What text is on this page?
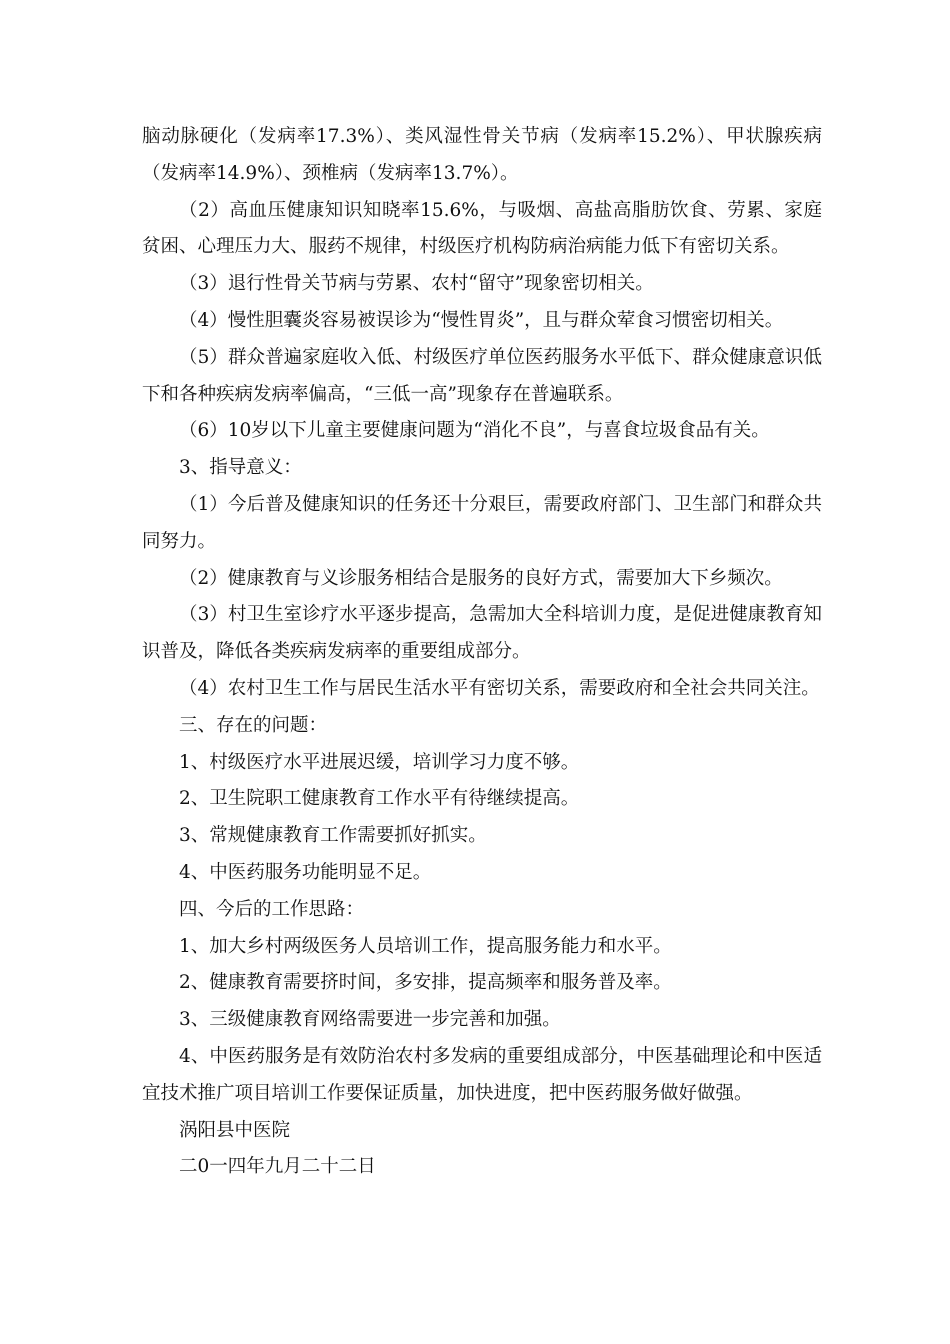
脑动脉硬化（发病率17.3%）、类风湿性骨关节病（发病率15.2%）、甲状腺疾病（发病率14.9%）、颈椎病（发病率13.7%）。

（2）高血压健康知识知晓率15.6%，与吸烟、高盐高脂肪饮食、劳累、家庭贫困、心理压力大、服药不规律，村级医疗机构防病治病能力低下有密切关系。

（3）退行性骨关节病与劳累、农村“留守”现象密切相关。

（4）慢性胆囊炎容易被误诊为“慢性胃炎”，且与群众荤食习惯密切相关。

（5）群众普遍家庭收入低、村级医疗单位医药服务水平低下、群众健康意识低下和各种疾病发病率偏高，“三低一高”现象存在普遍联系。

（6）10岁以下儿童主要健康问题为“消化不良”，与喜食垃圾食品有关。

3、指导意义：

（1）今后普及健康知识的任务还十分艰巨，需要政府部门、卫生部门和群众共同努力。

（2）健康教育与义诊服务相结合是服务的良好方式，需要加大下乡频次。

（3）村卫生室诊疗水平逐步提高，急需加大全科培训力度，是促进健康教育知识普及，降低各类疾病发病率的重要组成部分。

（4）农村卫生工作与居民生活水平有密切关系，需要政府和全社会共同关注。

三、存在的问题：

1、村级医疗水平进展迟缓，培训学习力度不够。

2、卫生院职工健康教育工作水平有待继续提高。

3、常规健康教育工作需要抓好抓实。

4、中医药服务功能明显不足。

四、今后的工作思路：

1、加大乡村两级医务人员培训工作，提高服务能力和水平。

2、健康教育需要挤时间，多安排，提高频率和服务普及率。

3、三级健康教育网络需要进一步完善和加强。

4、中医药服务是有效防治农村多发病的重要组成部分，中医基础理论和中医适宜技术推广项目培训工作要保证质量，加快进度，把中医药服务做好做强。

涡阳县中医院

二0一四年九月二十二日
